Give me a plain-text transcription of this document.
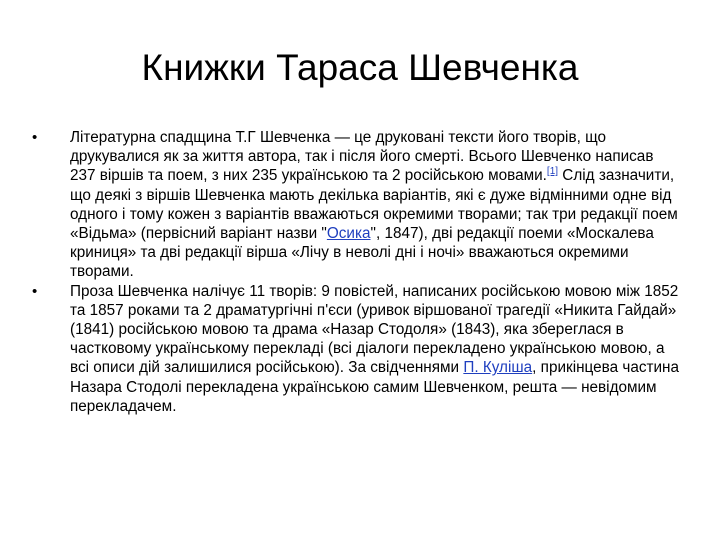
Книжки Тараса Шевченка
•	Літературна спадщина Т.Г Шевченка — це друковані тексти його творів, що друкувалися як за життя автора, так і після його смерті. Всього Шевченко написав 237 віршів та поем, з них 235 українською та 2 російською мовами.[1] Слід зазначити, що деякі з віршів Шевченка мають декілька варіантів, які є дуже відмінними одне від одного і тому кожен з варіантів вважаються окремими творами; так три редакції поем «Відьма» (первісний варіант назви "Осика", 1847), дві редакції поеми «Москалева криниця» та дві редакції вірша «Лічу в неволі дні і ночі» вважаються окремими творами.
•	Проза Шевченка налічує 11 творів: 9 повістей, написаних російською мовою між 1852 та 1857 роками та 2 драматургічні п'єси (уривок віршованої трагедії «Никита Гайдай» (1841) російською мовою та драма «Назар Стодоля» (1843), яка збереглася в частковому українському перекладі (всі діалоги перекладено українською мовою, а всі описи дій залишилися російською). За свідченнями П. Куліша, прикінцева частина Назара Стодолі перекладена українською самим Шевченком, решта — невідомим перекладачем.
